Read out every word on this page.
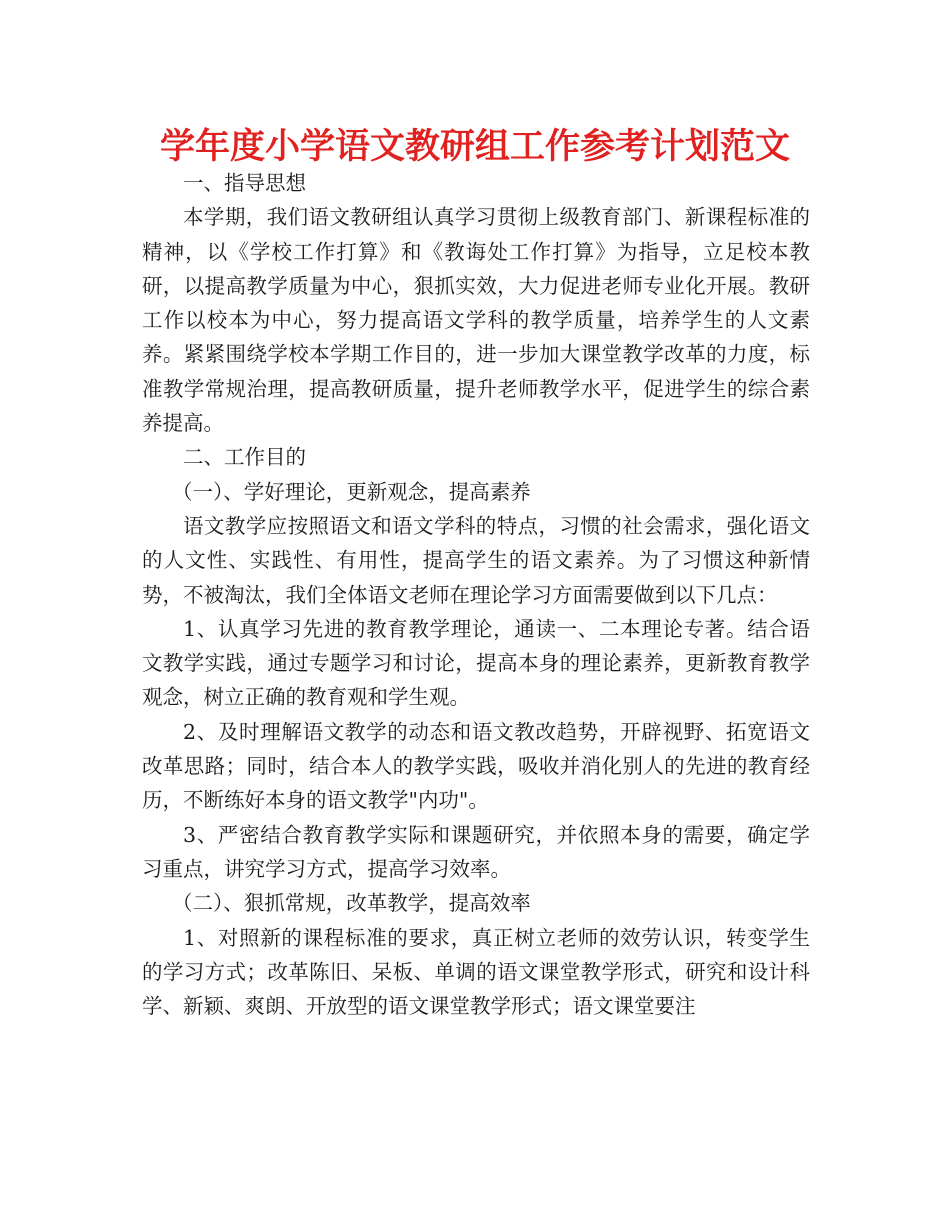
学年度小学语文教研组工作参考计划范文

一、指导思想

本学期，我们语文教研组认真学习贯彻上级教育部门、新课程标准的精神，以《学校工作打算》和《教诲处工作打算》为指导，立足校本教研，以提高教学质量为中心，狠抓实效，大力促进老师专业化开展。教研工作以校本为中心，努力提高语文学科的教学质量，培养学生的人文素养。紧紧围绕学校本学期工作目的，进一步加大课堂教学改革的力度，标准教学常规治理，提高教研质量，提升老师教学水平，促进学生的综合素养提高。

二、工作目的

（一）、学好理论，更新观念，提高素养

语文教学应按照语文和语文学科的特点，习惯的社会需求，强化语文的人文性、实践性、有用性，提高学生的语文素养。为了习惯这种新情势，不被淘汰，我们全体语文老师在理论学习方面需要做到以下几点：

1、认真学习先进的教育教学理论，通读一、二本理论专著。结合语文教学实践，通过专题学习和讨论，提高本身的理论素养，更新教育教学观念，树立正确的教育观和学生观。

2、及时理解语文教学的动态和语文教改趋势，开辟视野、拓宽语文改革思路；同时，结合本人的教学实践，吸收并消化别人的先进的教育经历，不断练好本身的语文教学"内功"。

3、严密结合教育教学实际和课题研究，并依照本身的需要，确定学习重点，讲究学习方式，提高学习效率。

（二）、狠抓常规，改革教学，提高效率

1、对照新的课程标准的要求，真正树立老师的效劳认识，转变学生的学习方式；改革陈旧、呆板、单调的语文课堂教学形式，研究和设计科学、新颖、爽朗、开放型的语文课堂教学形式；语文课堂要注
